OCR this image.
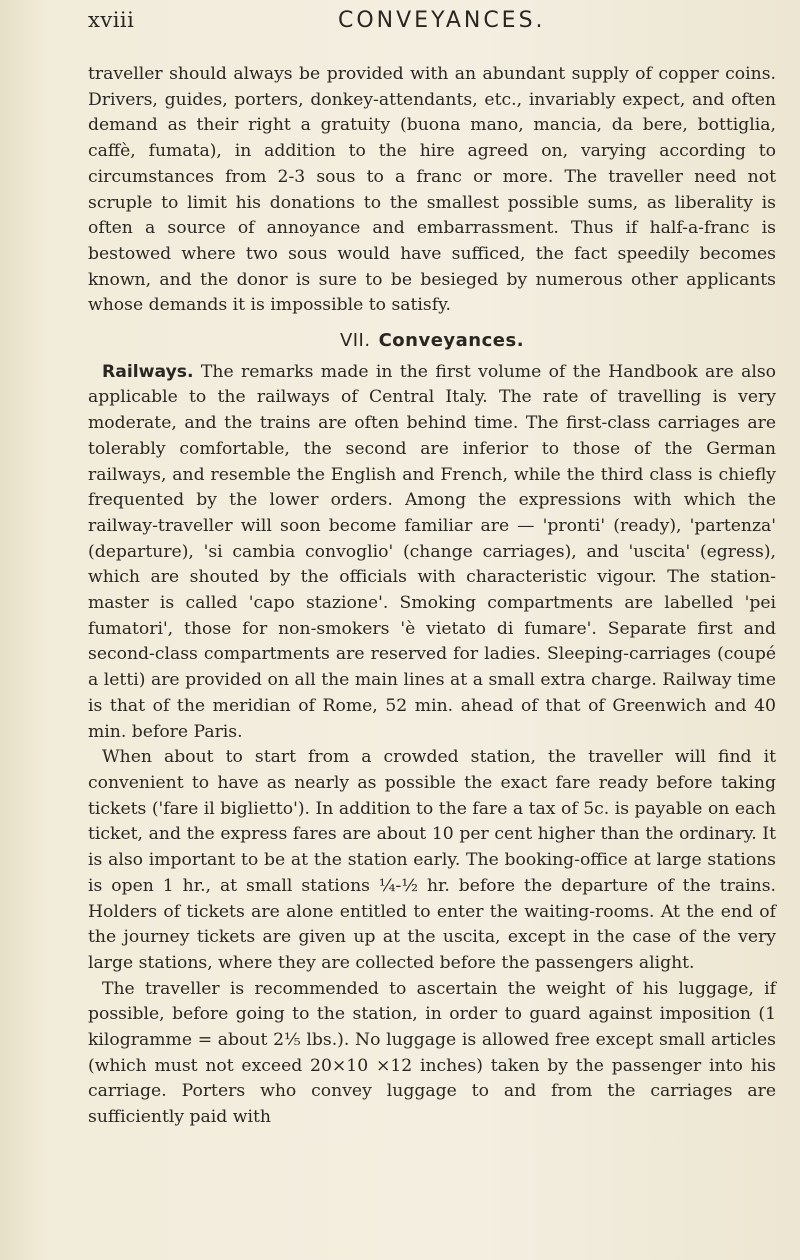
xviii	CONVEYANCES.

traveller should always be provided with an abundant supply of copper coins. Drivers, guides, porters, donkey-attendants, etc., invariably expect, and often demand as their right a gratuity (buona mano, mancia, da bere, bottiglia, caffè, fumata), in addition to the hire agreed on, varying according to circumstances from 2-3 sous to a franc or more. The traveller need not scruple to limit his donations to the smallest possible sums, as liberality is often a source of annoyance and embarrassment. Thus if half-a-franc is bestowed where two sous would have sufficed, the fact speedily becomes known, and the donor is sure to be besieged by numerous other applicants whose demands it is impossible to satisfy.

VII. Conveyances.

Railways. The remarks made in the first volume of the Handbook are also applicable to the railways of Central Italy. The rate of travelling is very moderate, and the trains are often behind time. The first-class carriages are tolerably comfortable, the second are inferior to those of the German railways, and resemble the English and French, while the third class is chiefly frequented by the lower orders. Among the expressions with which the railway-traveller will soon become familiar are — 'pronti' (ready), 'partenza' (departure), 'si cambia convoglio' (change carriages), and 'uscita' (egress), which are shouted by the officials with characteristic vigour. The station-master is called 'capo stazione'. Smoking compartments are labelled 'pei fumatori', those for non-smokers 'è vietato di fumare'. Separate first and second-class compartments are reserved for ladies. Sleeping-carriages (coupé a letti) are provided on all the main lines at a small extra charge. Railway time is that of the meridian of Rome, 52 min. ahead of that of Greenwich and 40 min. before Paris.

When about to start from a crowded station, the traveller will find it convenient to have as nearly as possible the exact fare ready before taking tickets ('fare il biglietto'). In addition to the fare a tax of 5c. is payable on each ticket, and the express fares are about 10 per cent higher than the ordinary. It is also important to be at the station early. The booking-office at large stations is open 1 hr., at small stations ¼-½ hr. before the departure of the trains. Holders of tickets are alone entitled to enter the waiting-rooms. At the end of the journey tickets are given up at the uscita, except in the case of the very large stations, where they are collected before the passengers alight.

The traveller is recommended to ascertain the weight of his luggage, if possible, before going to the station, in order to guard against imposition (1 kilogramme = about 2⅕ lbs.). No luggage is allowed free except small articles (which must not exceed 20×10 ×12 inches) taken by the passenger into his carriage. Porters who convey luggage to and from the carriages are sufficiently paid with
